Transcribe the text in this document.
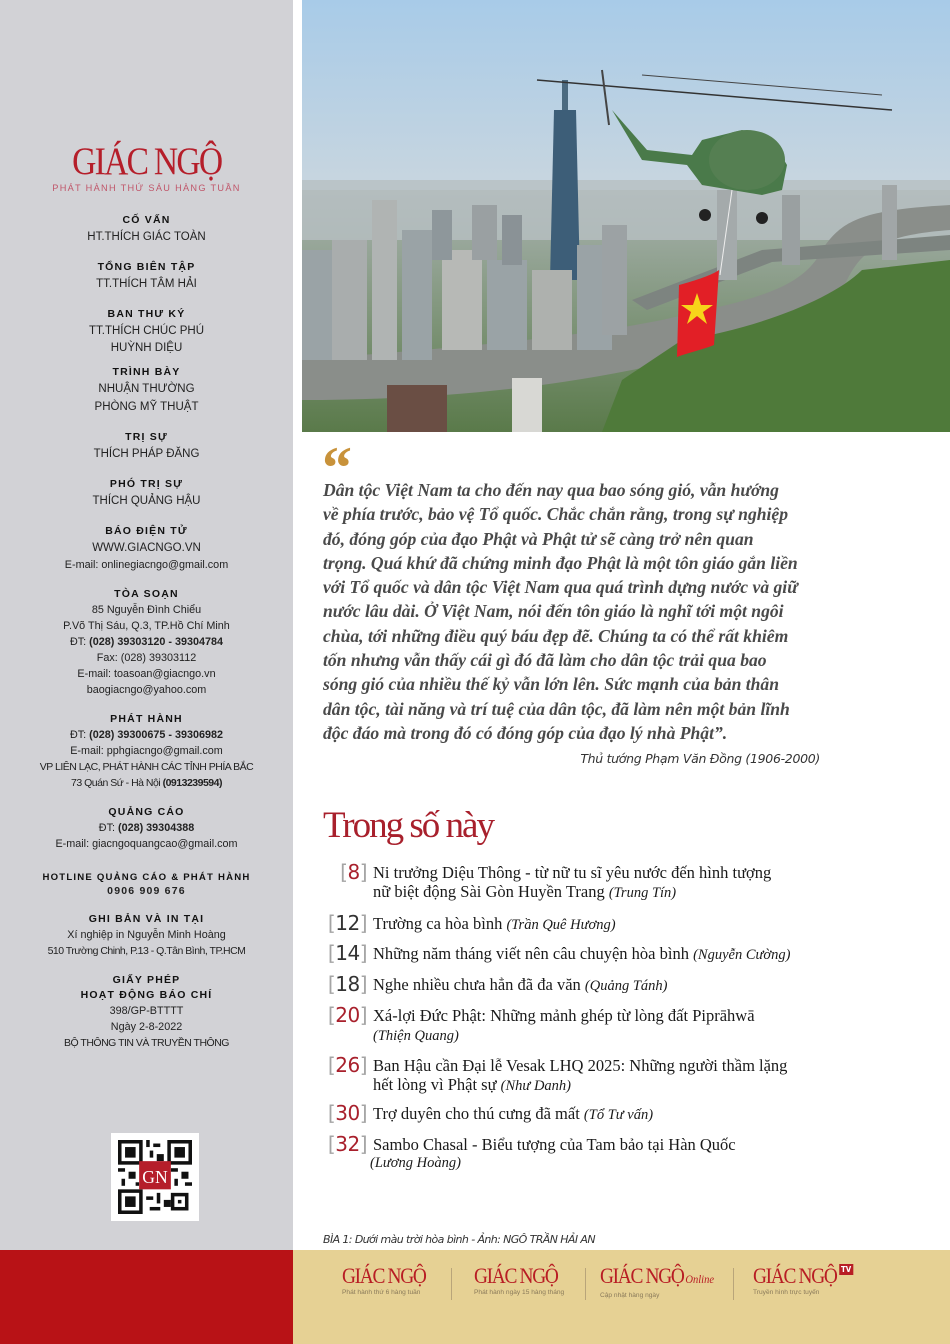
GIÁC NGỘ
PHÁT HÀNH THỨ SÁU HÀNG TUẦN
CỐ VẤN
HT.THÍCH GIÁC TOÀN
TỔNG BIÊN TẬP
TT.THÍCH TÂM HẢI
BAN THƯ KÝ
TT.THÍCH CHÚC PHÚ
HUỲNH DIỆU
TRÌNH BÀY
NHUẬN THƯỜNG
PHÒNG MỸ THUẬT
TRỊ SỰ
THÍCH PHÁP ĐĂNG
PHÓ TRỊ SỰ
THÍCH QUẢNG HẬU
BÁO ĐIỆN TỬ
WWW.GIACNGO.VN
E-mail: onlinegiacngo@gmail.com
TÒA SOẠN
85 Nguyễn Đình Chiểu
P.Võ Thị Sáu, Q.3, TP.Hồ Chí Minh
ĐT: (028) 39303120 - 39304784
Fax: (028) 39303112
E-mail: toasoan@giacngo.vn
baogiacngo@yahoo.com
PHÁT HÀNH
ĐT: (028) 39300675 - 39306982
E-mail: pphgiacngo@gmail.com
VP LIÊN LẠC, PHÁT HÀNH CÁC TỈNH PHÍA BẮC
73 Quán Sứ - Hà Nội (0913239594)
QUẢNG CÁO
ĐT: (028) 39304388
E-mail: giacngoquangcao@gmail.com
HOTLINE QUẢNG CÁO & PHÁT HÀNH
0906 909 676
GHI BẢN VÀ IN TẠI
Xí nghiệp in Nguyễn Minh Hoàng
510 Trường Chinh, P.13 - Q.Tân Bình, TP.HCM
GIẤY PHÉP
HOẠT ĐỘNG BÁO CHÍ
398/GP-BTTTT
Ngày 2-8-2022
BỘ THÔNG TIN VÀ TRUYỀN THÔNG
GN
“
Dân tộc Việt Nam ta cho đến nay qua bao sóng gió, vẫn hướng
về phía trước, bảo vệ Tổ quốc. Chắc chắn rằng, trong sự nghiệp
đó, đóng góp của đạo Phật và Phật tử sẽ càng trở nên quan
trọng. Quá khứ đã chứng minh đạo Phật là một tôn giáo gắn liền
với Tổ quốc và dân tộc Việt Nam qua quá trình dựng nước và giữ
nước lâu dài. Ở Việt Nam, nói đến tôn giáo là nghĩ tới một ngôi
chùa, tới những điều quý báu đẹp đẽ. Chúng ta có thể rất khiêm
tốn nhưng vẫn thấy cái gì đó đã làm cho dân tộc trải qua bao
sóng gió của nhiều thế kỷ vẫn lớn lên. Sức mạnh của bản thân
dân tộc, tài năng và trí tuệ của dân tộc, đã làm nên một bản lĩnh
độc đáo mà trong đó có đóng góp của đạo lý nhà Phật”.
Thủ tướng Phạm Văn Đồng (1906-2000)
Trong số này
[8] Ni trưởng Diệu Thông - từ nữ tu sĩ yêu nước đến hình tượng
nữ biệt động Sài Gòn Huyền Trang (Trung Tín)
[12] Trường ca hòa bình (Trần Quê Hương)
[14] Những năm tháng viết nên câu chuyện hòa bình (Nguyễn Cường)
[18] Nghe nhiều chưa hẳn đã đa văn (Quảng Tánh)
[20] Xá-lợi Đức Phật: Những mảnh ghép từ lòng đất Piprāhwā
(Thiện Quang)
[26] Ban Hậu cần Đại lễ Vesak LHQ 2025: Những người thầm lặng
hết lòng vì Phật sự (Như Danh)
[30] Trợ duyên cho thú cưng đã mất (Tổ Tư vấn)
[32] Sambo Chasal - Biểu tượng của Tam bảo tại Hàn Quốc
(Lương Hoàng)
BÌA 1: Dưới màu trời hòa bình - Ảnh: NGÔ TRẦN HẢI AN
GIÁC NGỘ
Phát hành thứ 6 hàng tuần
GIÁC NGỘ
Phát hành ngày 15 hàng tháng
GIÁC NGỘ Online
Cập nhật hàng ngày
GIÁC NGỘ TV
Truyền hình trực tuyến
